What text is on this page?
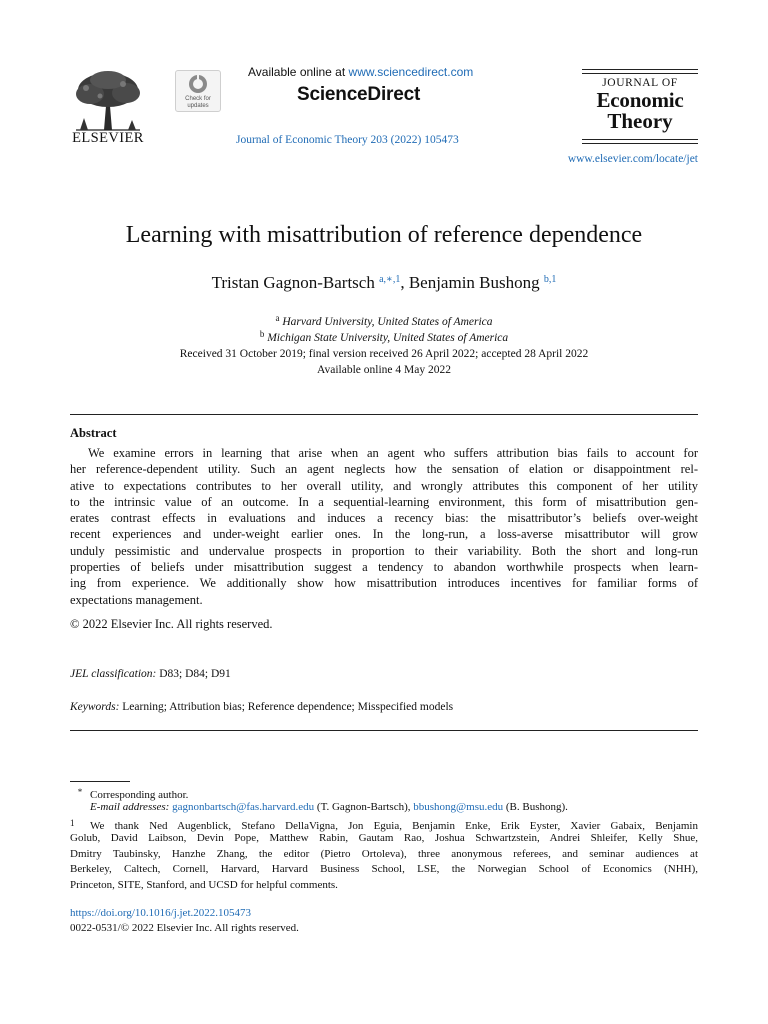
ELSEVIER
Check for
updates
Available online at www.sciencedirect.com
ScienceDirect
Journal of Economic Theory 203 (2022) 105473
JOURNAL OF
Economic
Theory
www.elsevier.com/locate/jet
Learning with misattribution of reference dependence
Tristan Gagnon-Bartsch $^{a,∗,1}$, Benjamin Bushong $^{b,1}$
$^a$ Harvard University, United States of America
$^b$ Michigan State University, United States of America
Received 31 October 2019; final version received 26 April 2022; accepted 28 April 2022
Available online 4 May 2022
Abstract
We examine errors in learning that arise when an agent who suffers attribution bias fails to account for
her reference-dependent utility. Such an agent neglects how the sensation of elation or disappointment rel-
ative to expectations contributes to her overall utility, and wrongly attributes this component of her utility
to the intrinsic value of an outcome. In a sequential-learning environment, this form of misattribution gen-
erates contrast effects in evaluations and induces a recency bias: the misattributor’s beliefs over-weight
recent experiences and under-weight earlier ones. In the long-run, a loss-averse misattributor will grow
unduly pessimistic and undervalue prospects in proportion to their variability. Both the short and long-run
properties of beliefs under misattribution suggest a tendency to abandon worthwhile prospects when learn-
ing from experience. We additionally show how misattribution introduces incentives for familiar forms of
expectations management.
© 2022 Elsevier Inc. All rights reserved.
JEL classification: D83; D84; D91
Keywords: Learning; Attribution bias; Reference dependence; Misspecified models
* Corresponding author.
E-mail addresses: gagnonbartsch@fas.harvard.edu (T. Gagnon-Bartsch), bbushong@msu.edu (B. Bushong).
1 We thank Ned Augenblick, Stefano DellaVigna, Jon Eguia, Benjamin Enke, Erik Eyster, Xavier Gabaix, Benjamin
Golub, David Laibson, Devin Pope, Matthew Rabin, Gautam Rao, Joshua Schwartzstein, Andrei Shleifer, Kelly Shue,
Dmitry Taubinsky, Hanzhe Zhang, the editor (Pietro Ortoleva), three anonymous referees, and seminar audiences at
Berkeley, Caltech, Cornell, Harvard, Harvard Business School, LSE, the Norwegian School of Economics (NHH),
Princeton, SITE, Stanford, and UCSD for helpful comments.
https://doi.org/10.1016/j.jet.2022.105473
0022-0531/© 2022 Elsevier Inc. All rights reserved.
